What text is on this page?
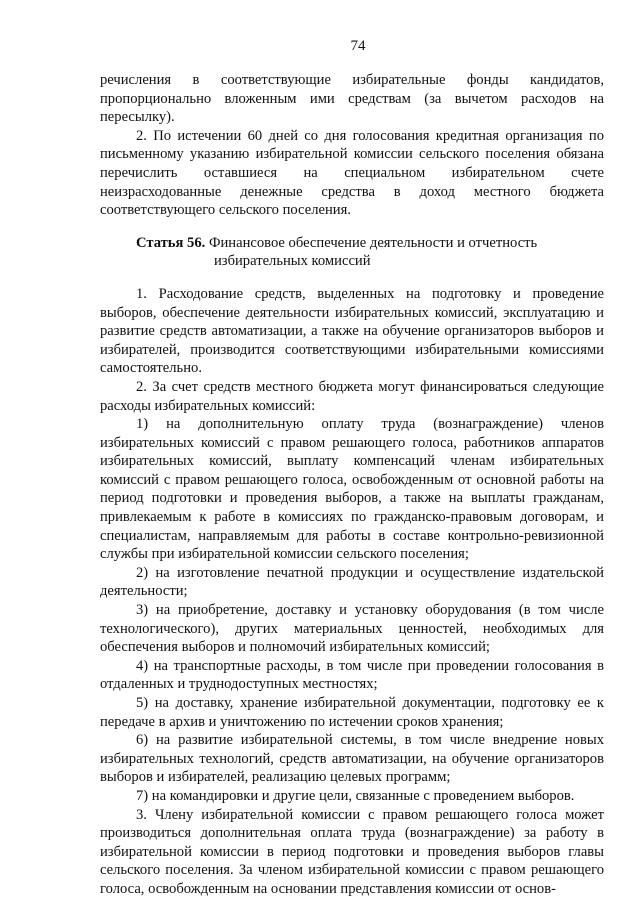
74

речисления в соответствующие избирательные фонды кандидатов, пропорционально вложенным ими средствам (за вычетом расходов на пересылку).

2. По истечении 60 дней со дня голосования кредитная организация по письменному указанию избирательной комиссии сельского поселения обязана перечислить оставшиеся на специальном избирательном счете неизрасходованные денежные средства в доход местного бюджета соответствующего сельского поселения.

Статья 56. Финансовое обеспечение деятельности и отчетность
избирательных комиссий

1. Расходование средств, выделенных на подготовку и проведение выборов, обеспечение деятельности избирательных комиссий, эксплуатацию и развитие средств автоматизации, а также на обучение организаторов выборов и избирателей, производится соответствующими избирательными комиссиями самостоятельно.

2. За счет средств местного бюджета могут финансироваться следующие расходы избирательных комиссий:

1) на дополнительную оплату труда (вознаграждение) членов избирательных комиссий с правом решающего голоса, работников аппаратов избирательных комиссий, выплату компенсаций членам избирательных комиссий с правом решающего голоса, освобожденным от основной работы на период подготовки и проведения выборов, а также на выплаты гражданам, привлекаемым к работе в комиссиях по гражданско-правовым договорам, и специалистам, направляемым для работы в составе контрольно-ревизионной службы при избирательной комиссии сельского поселения;

2) на изготовление печатной продукции и осуществление издательской деятельности;

3) на приобретение, доставку и установку оборудования (в том числе технологического), других материальных ценностей, необходимых для обеспечения выборов и полномочий избирательных комиссий;

4) на транспортные расходы, в том числе при проведении голосования в отдаленных и труднодоступных местностях;

5) на доставку, хранение избирательной документации, подготовку ее к передаче в архив и уничтожению по истечении сроков хранения;

6) на развитие избирательной системы, в том числе внедрение новых избирательных технологий, средств автоматизации, на обучение организаторов выборов и избирателей, реализацию целевых программ;

7) на командировки и другие цели, связанные с проведением выборов.

3. Члену избирательной комиссии с правом решающего голоса может производиться дополнительная оплата труда (вознаграждение) за работу в избирательной комиссии в период подготовки и проведения выборов главы сельского поселения. За членом избирательной комиссии с правом решающего голоса, освобожденным на основании представления комиссии от основ-
